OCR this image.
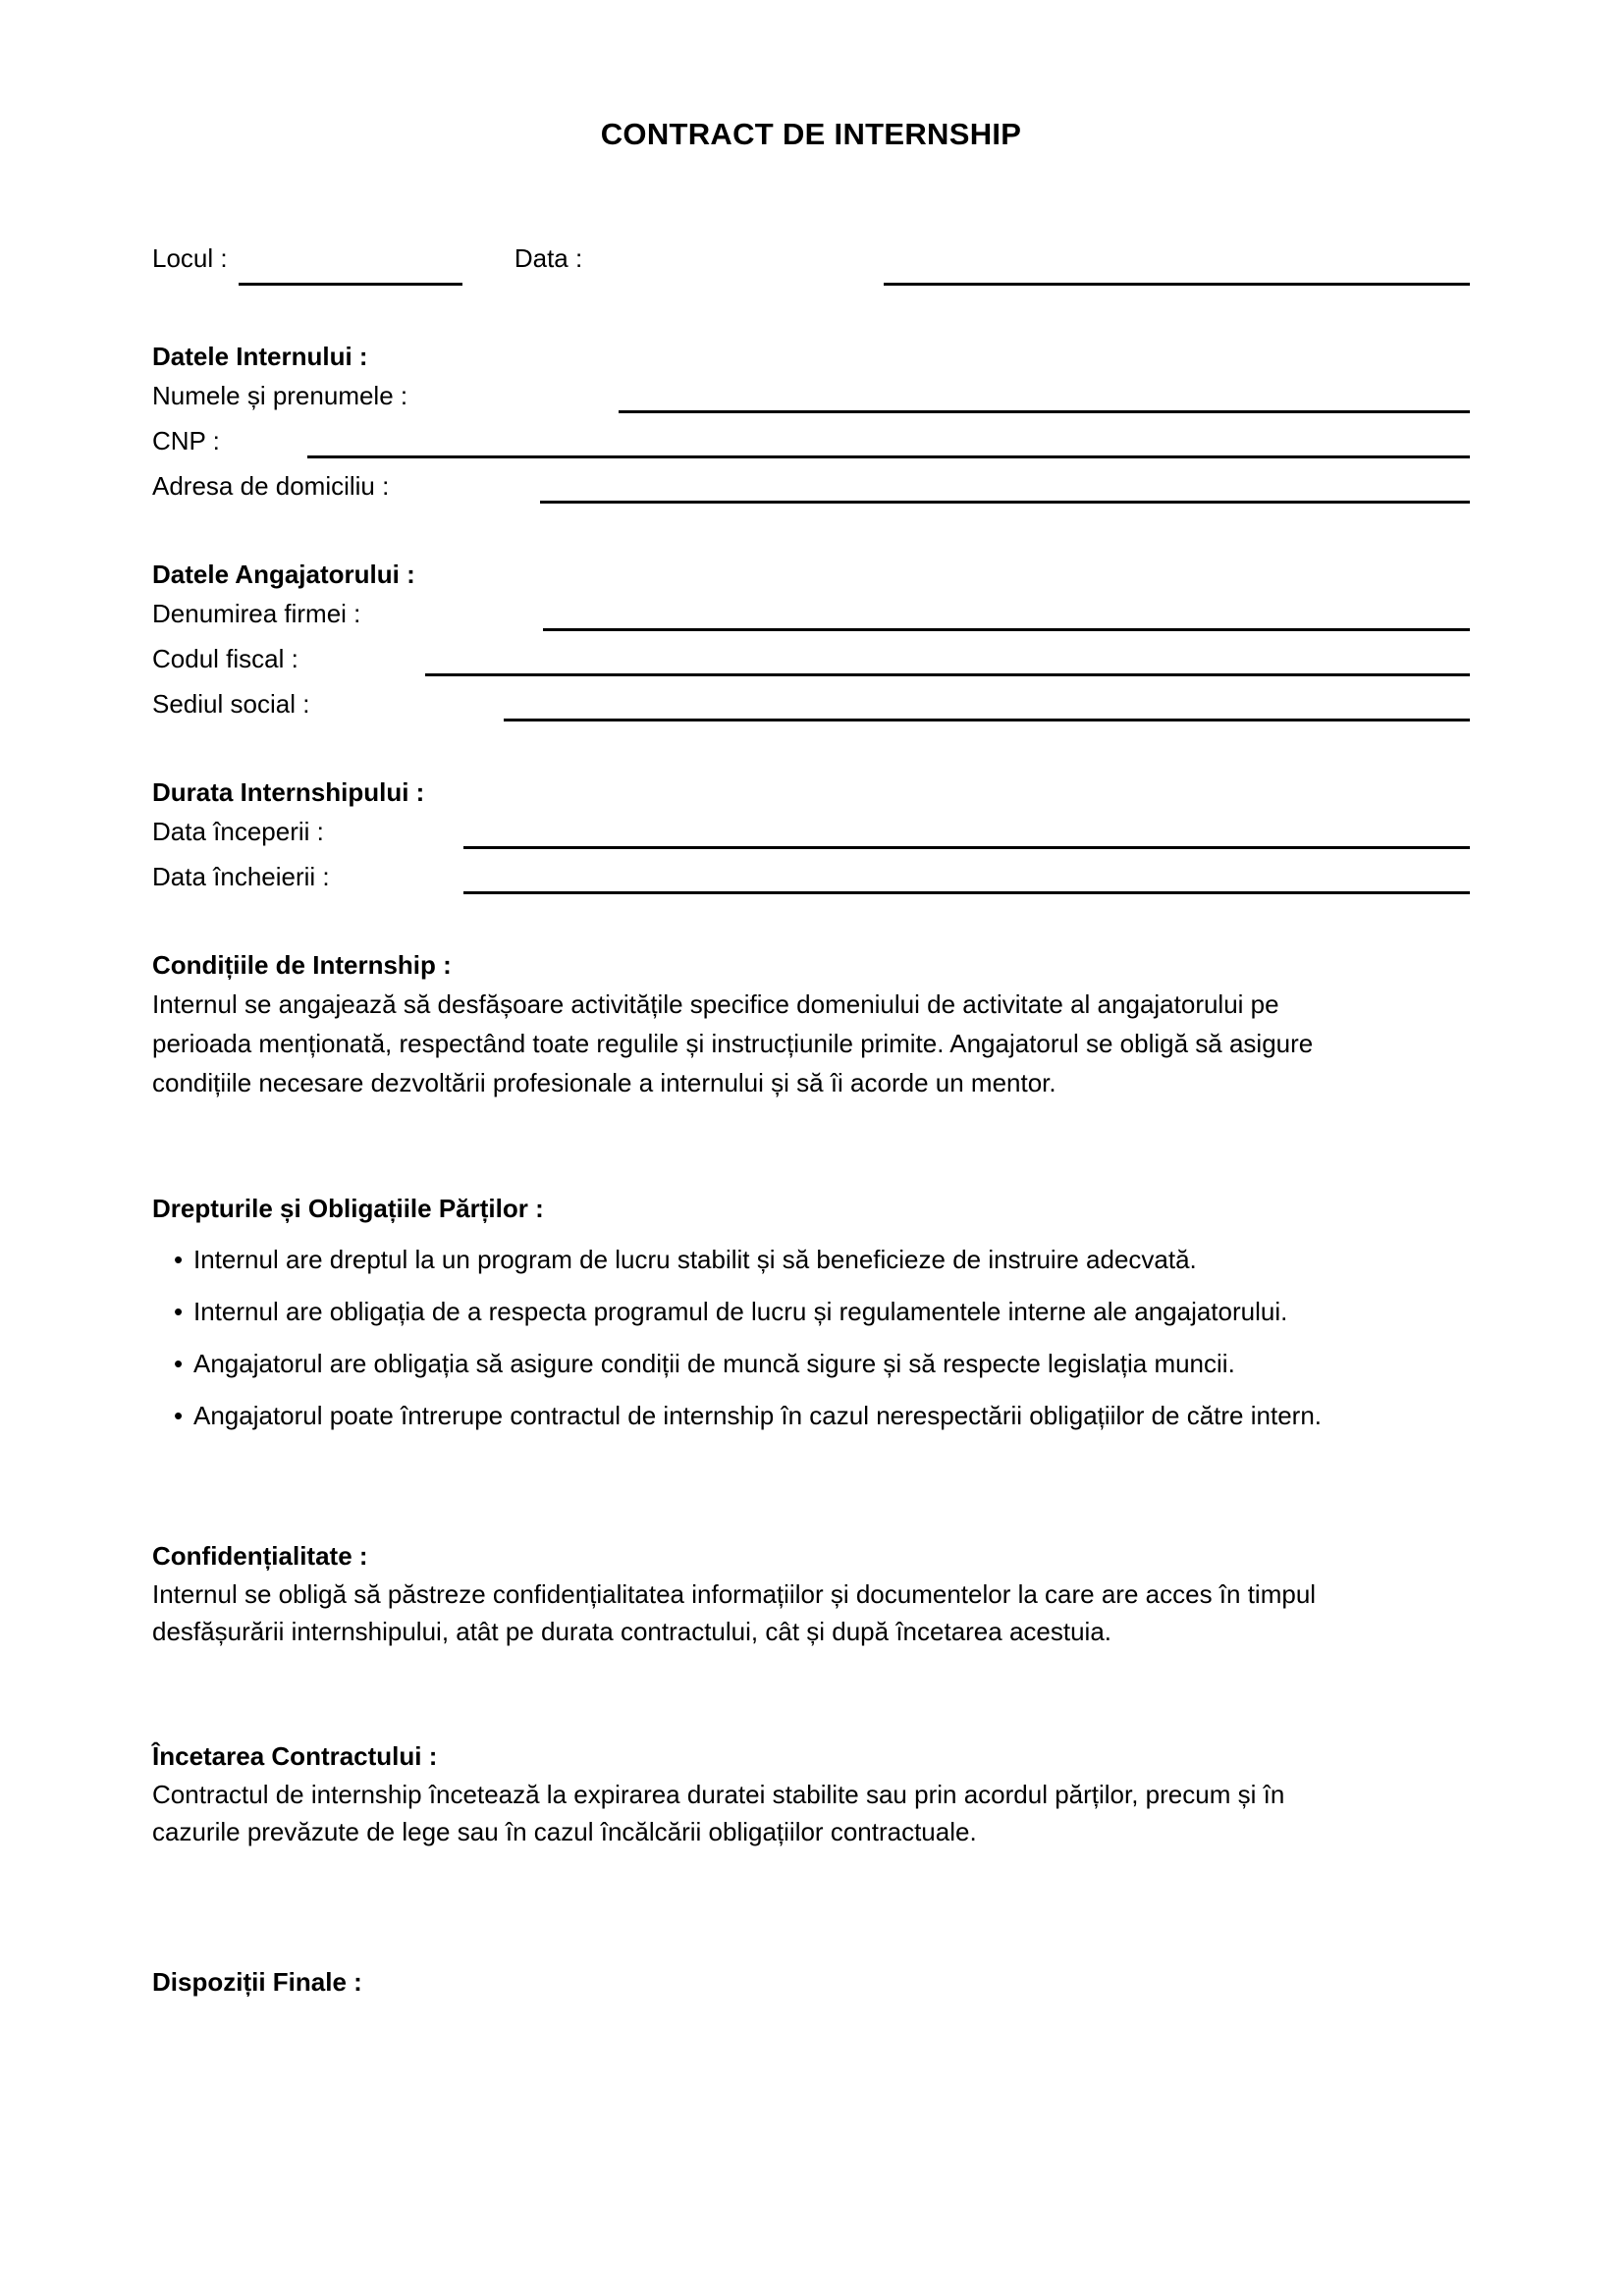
CONTRACT DE INTERNSHIP
Locul :	Data :
Datele Internului :
Numele și prenumele :
CNP :
Adresa de domiciliu :
Datele Angajatorului :
Denumirea firmei :
Codul fiscal :
Sediul social :
Durata Internshipului :
Data începerii :
Data încheierii :
Condițiile de Internship :

Internul se angajează să desfășoare activitățile specifice domeniului de activitate al angajatorului pe perioada menționată, respectând toate regulile și instrucțiunile primite. Angajatorul se obligă să asigure condițiile necesare dezvoltării profesionale a internului și să îi acorde un mentor.

Drepturile și Obligațiile Părților :
• Internul are dreptul la un program de lucru stabilit și să beneficieze de instruire adecvată.
• Internul are obligația de a respecta programul de lucru și regulamentele interne ale angajatorului.
• Angajatorul are obligația să asigure condiții de muncă sigure și să respecte legislația muncii.
• Angajatorul poate întrerupe contractul de internship în cazul nerespectării obligațiilor de către intern.
Confidențialitate :

Internul se obligă să păstreze confidențialitatea informațiilor și documentelor la care are acces în timpul desfășurării internshipului, atât pe durata contractului, cât și după încetarea acestuia.

Încetarea Contractului :

Contractul de internship încetează la expirarea duratei stabilite sau prin acordul părților, precum și în cazurile prevăzute de lege sau în cazul încălcării obligațiilor contractuale.

Dispoziții Finale :
